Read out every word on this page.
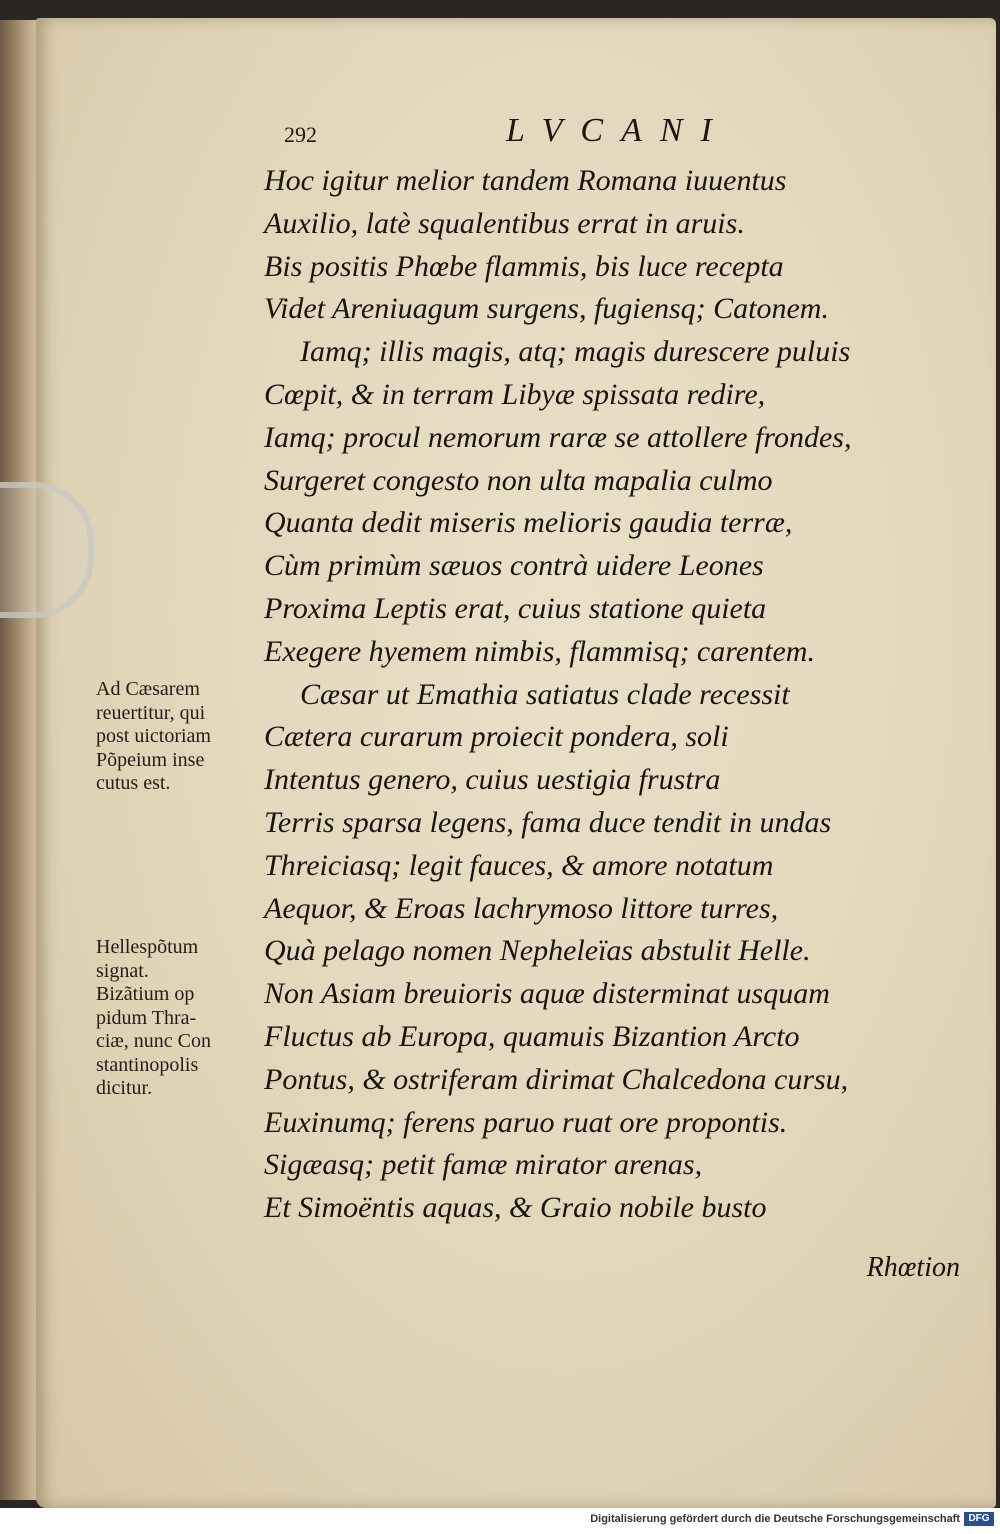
292	LVCANI
Hoc igitur melior tandem Romana iuuentus
Auxilio, latè squalentibus errat in aruis.
Bis positis Phœbe flammis, bis luce recepta
Videt Areniuagum surgens, fugiensq; Catonem.
Iamq; illis magis, atq; magis durescere puluis
Cœpit, & in terram Libyæ spissata redire,
Iamq; procul nemorum raræ se attollere frondes,
Surgeret congesto non ulta mapalia culmo
Quanta dedit miseris melioris gaudia terræ,
Cùm primùm sæuos contrà uidere Leones
Proxima Leptis erat, cuius statione quieta
Exegere hyemem nimbis, flammisq; carentem.
Cæsar ut Emathia satiatus clade recessit
Cætera curarum proiecit pondera, soli
Intentus genero, cuius uestigia frustra
Terris sparsa legens, fama duce tendit in undas
Threiciasq; legit fauces, & amore notatum
Aequor, & Eroas lachrymoso littore turres,
Quà pelago nomen Nepheleïas abstulit Helle.
Non Asiam breuioris aquæ disterminat usquam
Fluctus ab Europa, quamuis Bizantion Arcto
Pontus, & ostriferam dirimat Chalcedona cursu,
Euxinumq; ferens paruo ruat ore propontis.
Sigæasq; petit famæ mirator arenas,
Et Simoëntis aquas, & Graio nobile busto
Ad Cæsarem
reuertitur, qui
post uictoriam
Põpeium inse
cutus est.
Hellespõtum
signat.
Bizãtium op
pidum Thra-
ciæ, nunc Con
stantinopolis
dicitur.
Rhœtion
Digitalisierung gefördert durch die Deutsche Forschungsgemeinschaft DFG
